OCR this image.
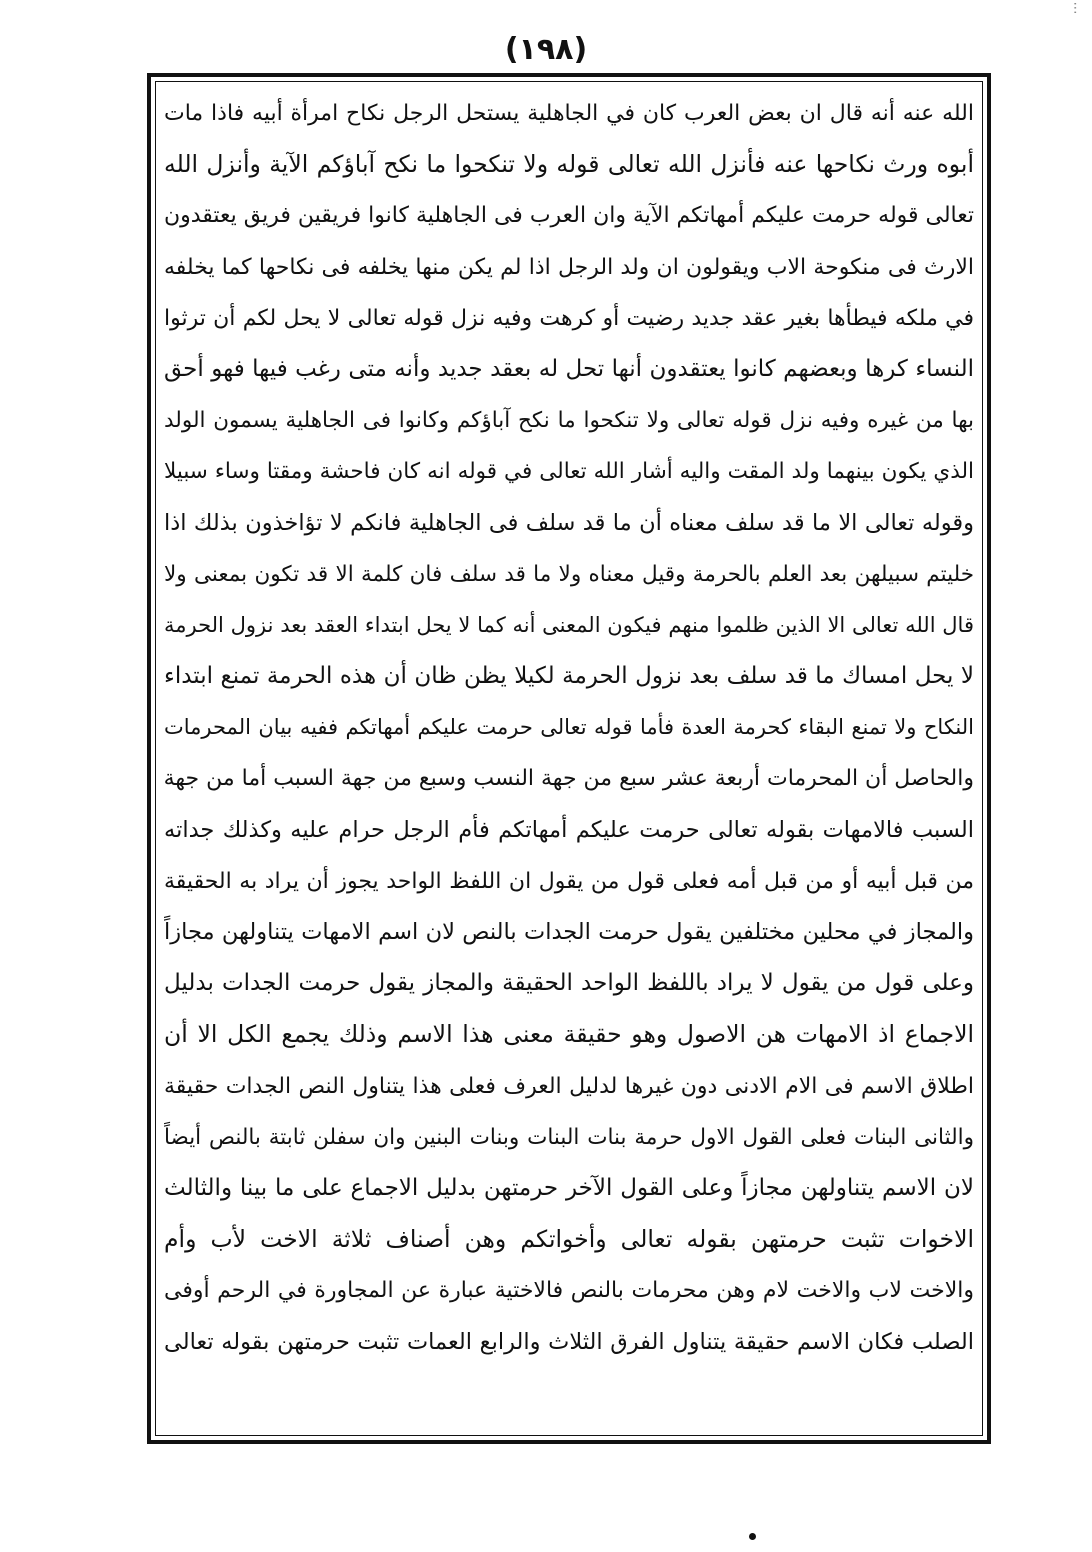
(١٩٨)
ⵗ
الله عنه أنه قال ان بعض العرب كان في الجاهلية يستحل الرجل نكاح امرأة أبيه فاذا مات
أبوه ورث نكاحها عنه فأنزل الله تعالى قوله ولا تنكحوا ما نكح آباؤكم الآية وأنزل الله
تعالى قوله حرمت عليكم أمهاتكم الآية وان العرب فى الجاهلية كانوا فريقين فريق يعتقدون
الارث فى منكوحة الاب ويقولون ان ولد الرجل اذا لم يكن منها يخلفه فى نكاحها كما يخلفه
في ملكه فيطأها بغير عقد جديد رضيت أو كرهت وفيه نزل قوله تعالى لا يحل لكم أن ترثوا
النساء كرها وبعضهم كانوا يعتقدون أنها تحل له بعقد جديد وأنه متى رغب فيها فهو أحق
بها من غيره وفيه نزل قوله تعالى ولا تنكحوا ما نكح آباؤكم وكانوا فى الجاهلية يسمون الولد
الذي يكون بينهما ولد المقت واليه أشار الله تعالى في قوله انه كان فاحشة ومقتا وساء سبيلا
وقوله تعالى الا ما قد سلف معناه أن ما قد سلف فى الجاهلية فانكم لا تؤاخذون بذلك اذا
خليتم سبيلهن بعد العلم بالحرمة وقيل معناه ولا ما قد سلف فان كلمة الا قد تكون بمعنى ولا
قال الله تعالى الا الذين ظلموا منهم فيكون المعنى أنه كما لا يحل ابتداء العقد بعد نزول الحرمة
لا يحل امساك ما قد سلف بعد نزول الحرمة لكيلا يظن ظان أن هذه الحرمة تمنع ابتداء
النكاح ولا تمنع البقاء كحرمة العدة فأما قوله تعالى حرمت عليكم أمهاتكم ففيه بيان المحرمات
والحاصل أن المحرمات أربعة عشر سبع من جهة النسب وسبع من جهة السبب أما من جهة
السبب فالامهات بقوله تعالى حرمت عليكم أمهاتكم فأم الرجل حرام عليه وكذلك جداته
من قبل أبيه أو من قبل أمه فعلى قول من يقول ان اللفظ الواحد يجوز أن يراد به الحقيقة
والمجاز في محلين مختلفين يقول حرمت الجدات بالنص لان اسم الامهات يتناولهن مجازاً
وعلى قول من يقول لا يراد باللفظ الواحد الحقيقة والمجاز يقول حرمت الجدات بدليل
الاجماع اذ الامهات هن الاصول وهو حقيقة معنى هذا الاسم وذلك يجمع الكل الا أن
اطلاق الاسم فى الام الادنى دون غيرها لدليل العرف فعلى هذا يتناول النص الجدات حقيقة
والثانى البنات فعلى القول الاول حرمة بنات البنات وبنات البنين وان سفلن ثابتة بالنص أيضاً
لان الاسم يتناولهن مجازاً وعلى القول الآخر حرمتهن بدليل الاجماع على ما بينا والثالث
الاخوات تثبت حرمتهن بقوله تعالى وأخواتكم وهن أصناف ثلاثة الاخت لأب وأم
والاخت لاب والاخت لام وهن محرمات بالنص فالاختية عبارة عن المجاورة في الرحم أوفى
الصلب فكان الاسم حقيقة يتناول الفرق الثلاث والرابع العمات تثبت حرمتهن بقوله تعالى
